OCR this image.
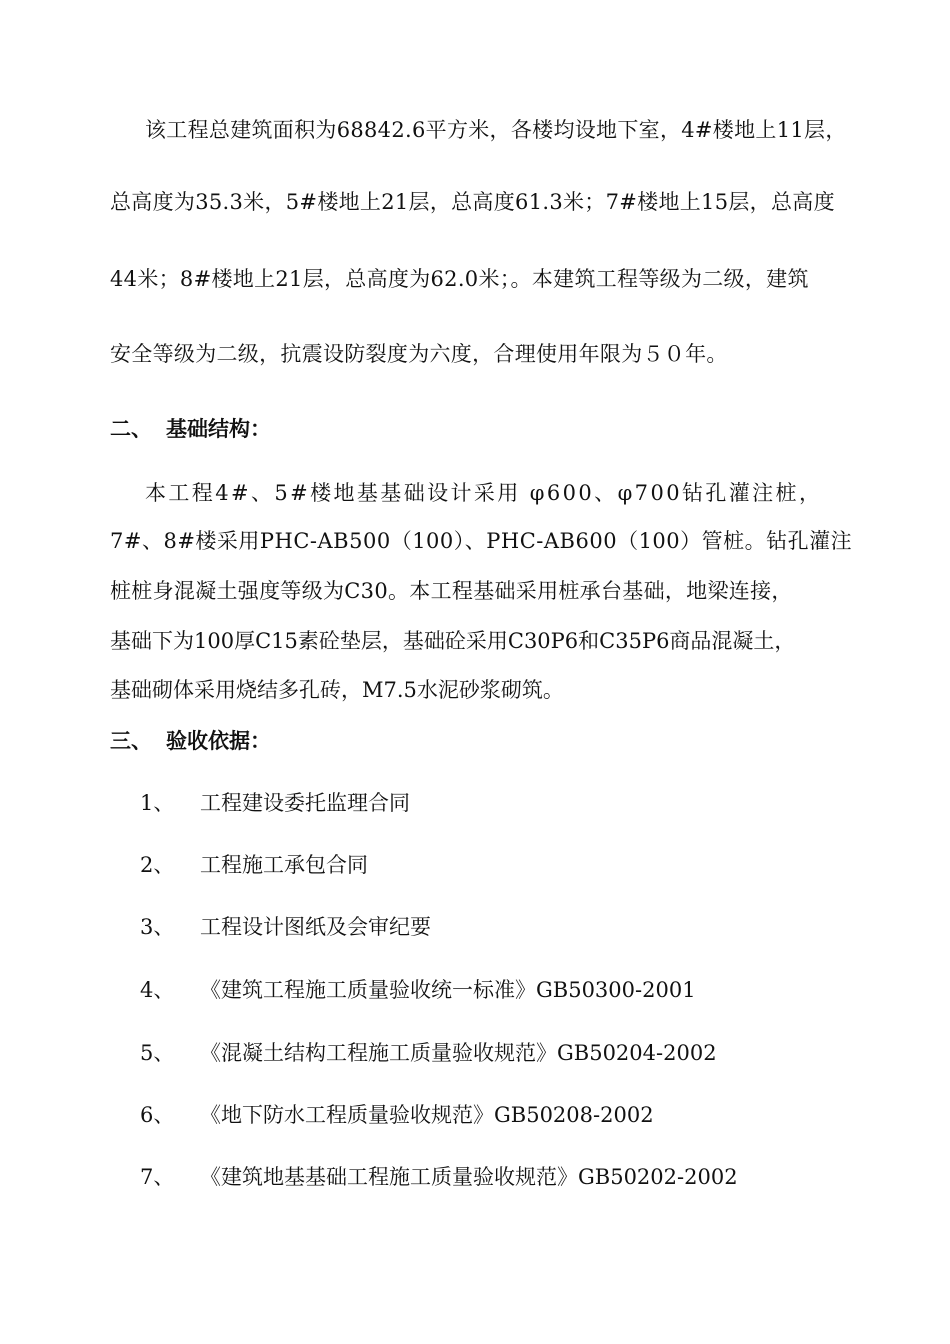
该工程总建筑面积为68842.6平方米，各楼均设地下室，4#楼地上11层，

总高度为35.3米，5#楼地上21层，总高度61.3米；7#楼地上15层，总高度

44米；8#楼地上21层，总高度为62.0米；。本建筑工程等级为二级，建筑

安全等级为二级，抗震设防裂度为六度，合理使用年限为５０年。

二、 基础结构：

本工程4#、5#楼地基基础设计采用 φ600、φ700钻孔灌注桩，

7#、8#楼采用PHC-AB500（100）、PHC-AB600（100）管桩。钻孔灌注

桩桩身混凝土强度等级为C30。本工程基础采用桩承台基础，地梁连接，

基础下为100厚C15素砼垫层，基础砼采用C30P6和C35P6商品混凝土，

基础砌体采用烧结多孔砖，M7.5水泥砂浆砌筑。

三、 验收依据：

1、 工程建设委托监理合同

2、 工程施工承包合同

3、 工程设计图纸及会审纪要

4、 《建筑工程施工质量验收统一标准》GB50300-2001

5、 《混凝土结构工程施工质量验收规范》GB50204-2002

6、 《地下防水工程质量验收规范》GB50208-2002

7、 《建筑地基基础工程施工质量验收规范》GB50202-2002
